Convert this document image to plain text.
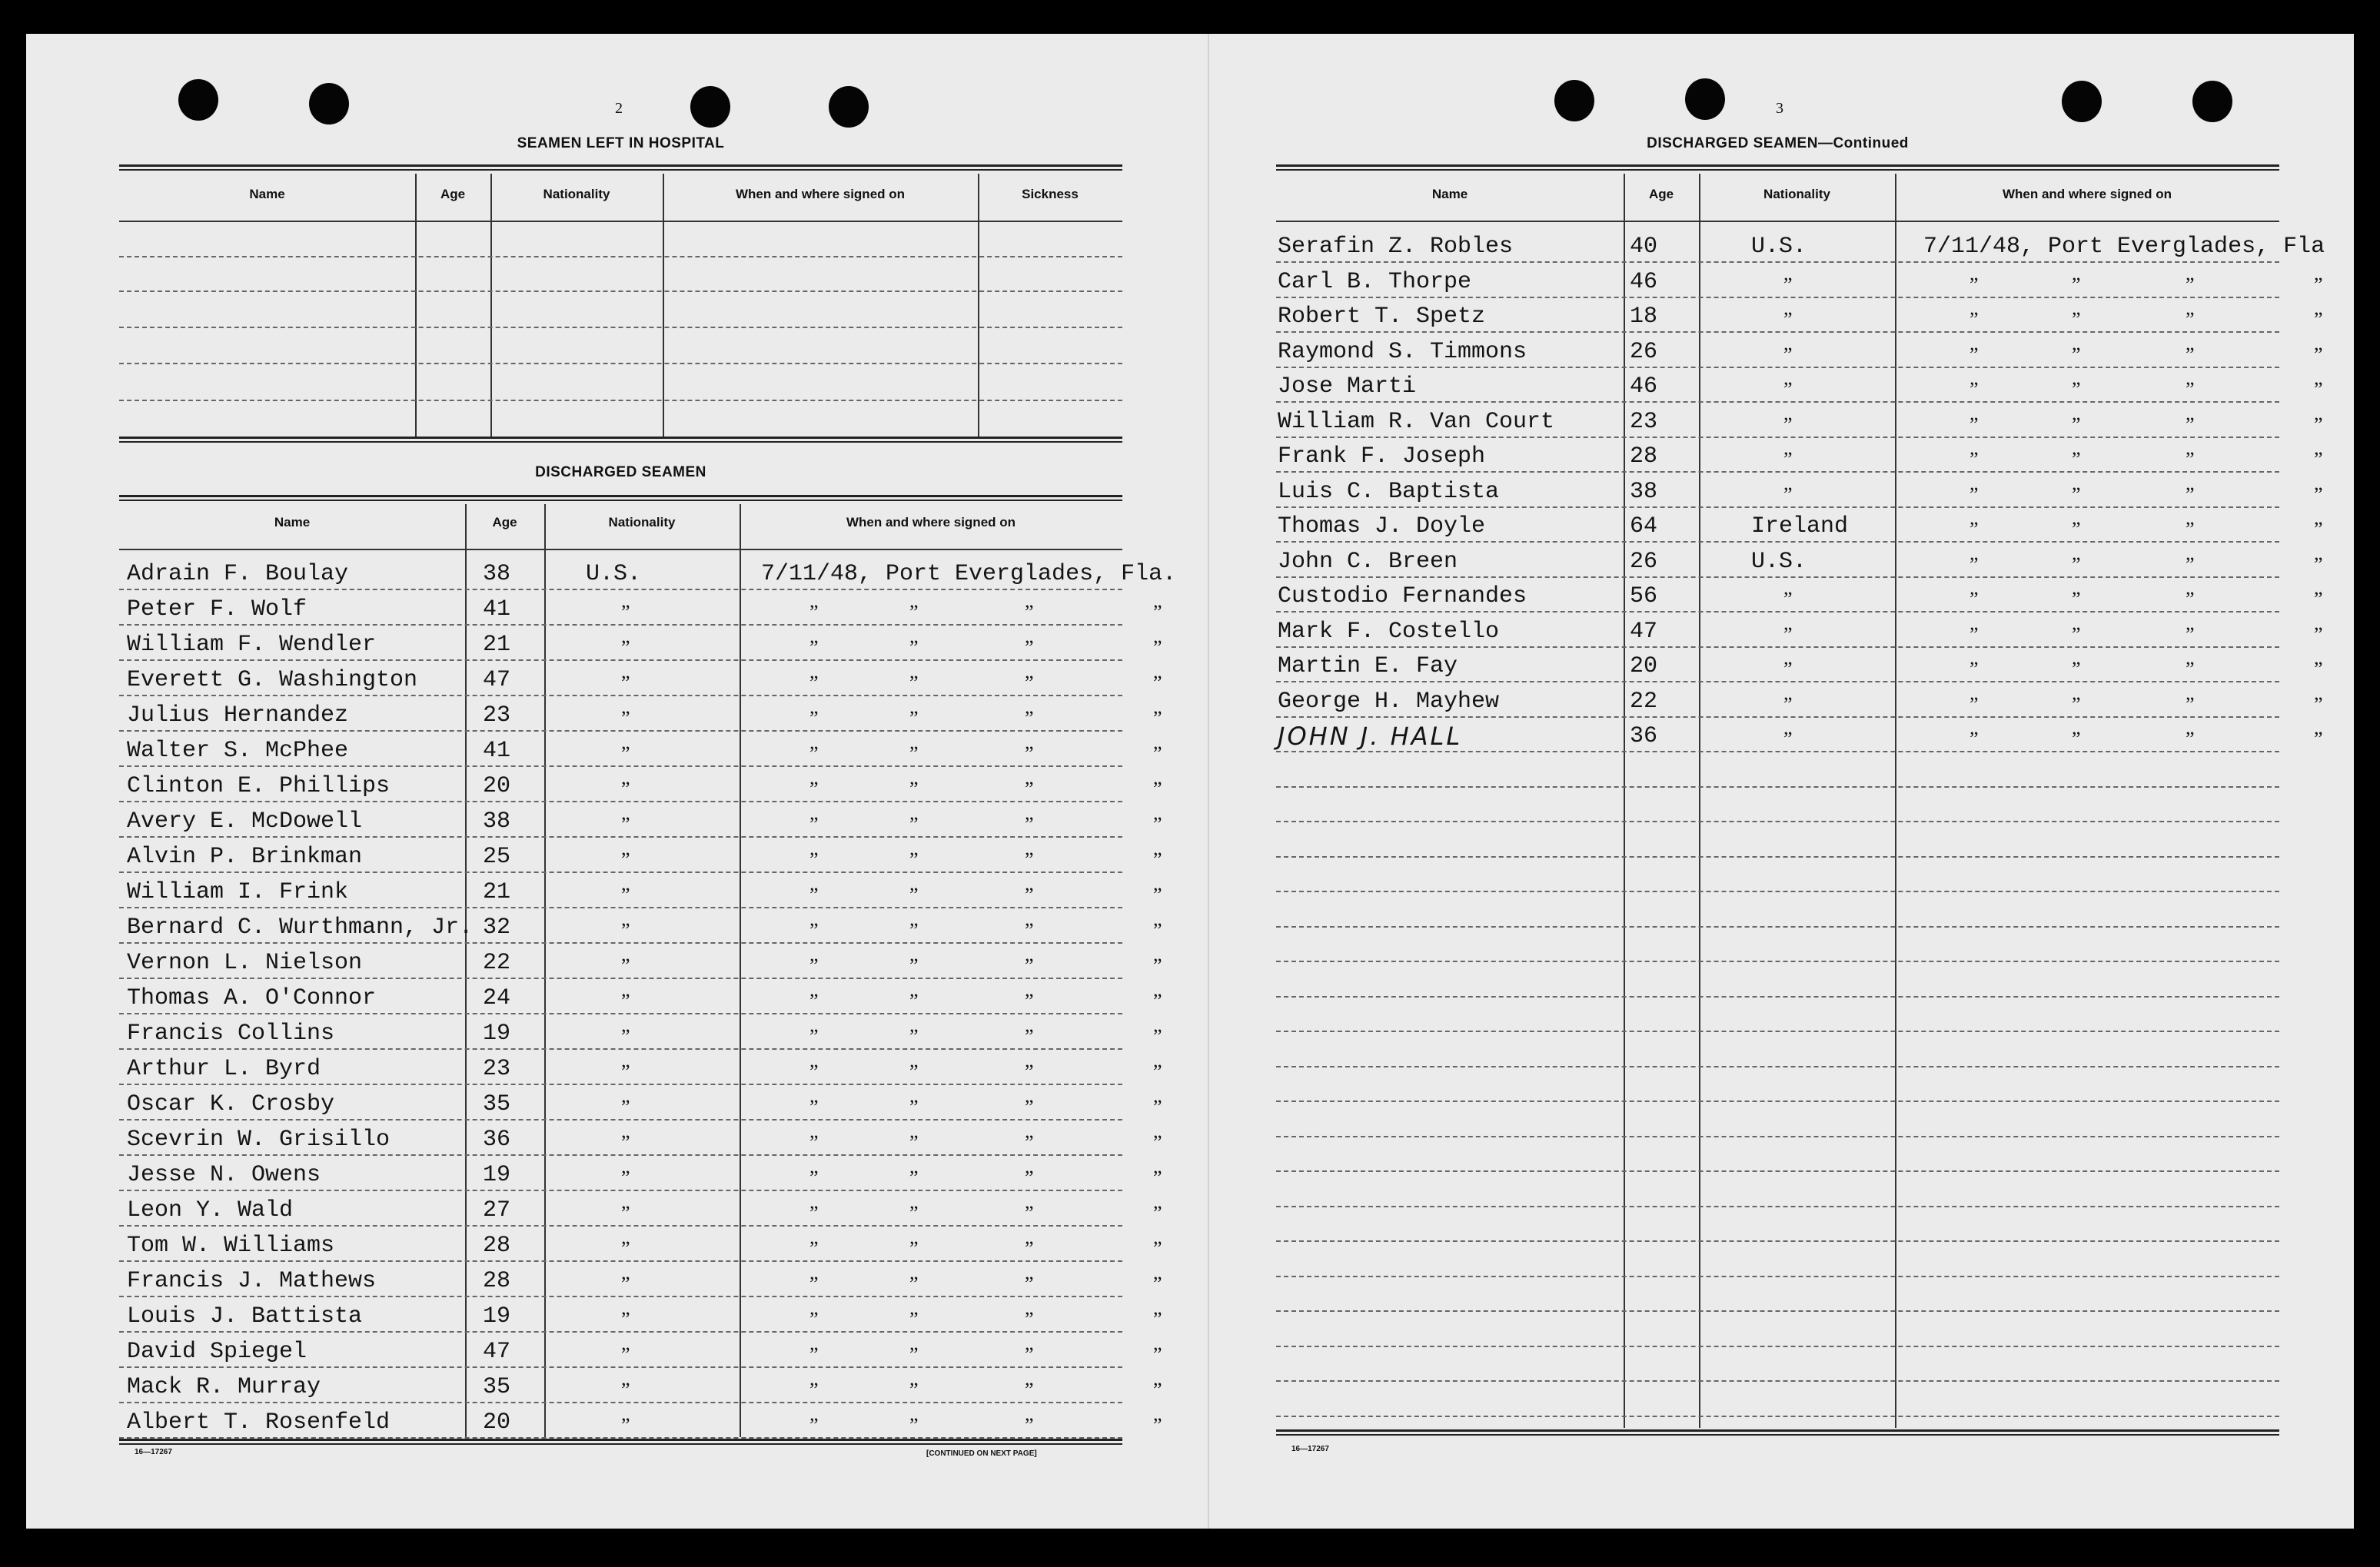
2
SEAMEN LEFT IN HOSPITAL
Name	Age	Nationality	When and where signed on	Sickness
DISCHARGED SEAMEN
Name	Age	Nationality	When and where signed on
Adrain F. Boulay	38	U.S.	7/11/48, Port Everglades, Fla.
Peter F. Wolf	41	”	”	”	”	”
William F. Wendler	21	”	”	”	”	”
Everett G. Washington	47	”	”	”	”	”
Julius Hernandez	23	”	”	”	”	”
Walter S. McPhee	41	”	”	”	”	”
Clinton E. Phillips	20	”	”	”	”	”
Avery E. McDowell	38	”	”	”	”	”
Alvin P. Brinkman	25	”	”	”	”	”
William I. Frink	21	”	”	”	”	”
Bernard C. Wurthmann, Jr. 32	”	”	”	”	”
Vernon L. Nielson	22	”	”	”	”	”
Thomas A. O'Connor	24	”	”	”	”	”
Francis Collins	19	”	”	”	”	”
Arthur L. Byrd	23	”	”	”	”	”
Oscar K. Crosby	35	”	”	”	”	”
Scevrin W. Grisillo	36	”	”	”	”	”
Jesse N. Owens	19	”	”	”	”	”
Leon Y. Wald	27	”	”	”	”	”
Tom W. Williams	28	”	”	”	”	”
Francis J. Mathews	28	”	”	”	”	”
Louis J. Battista	19	”	”	”	”	”
David Spiegel	47	”	”	”	”	”
Mack R. Murray	35	”	”	”	”	”
Albert T. Rosenfeld	20	”	”	”	”	”
16—17267	[CONTINUED ON NEXT PAGE]
3
DISCHARGED SEAMEN—Continued
Name	Age	Nationality	When and where signed on
Serafin Z. Robles	40	U.S.	7/11/48, Port Everglades, Fla
Carl B. Thorpe	46	”	”	”	”	”
Robert T. Spetz	18	”	”	”	”	”
Raymond S. Timmons	26	”	”	”	”	”
Jose Marti	46	”	”	”	”	”
William R. Van Court	23	”	”	”	”	”
Frank F. Joseph	28	”	”	”	”	”
Luis C. Baptista	38	”	”	”	”	”
Thomas J. Doyle	64	Ireland	”	”	”	”
John C. Breen	26	U.S.	”	”	”	”
Custodio Fernandes	56	”	”	”	”	”
Mark F. Costello	47	”	”	”	”	”
Martin E. Fay	20	”	”	”	”	”
George H. Mayhew	22	”	”	”	”	”
JOHN J. HALL	36	”	”	”	”	”
16—17267
